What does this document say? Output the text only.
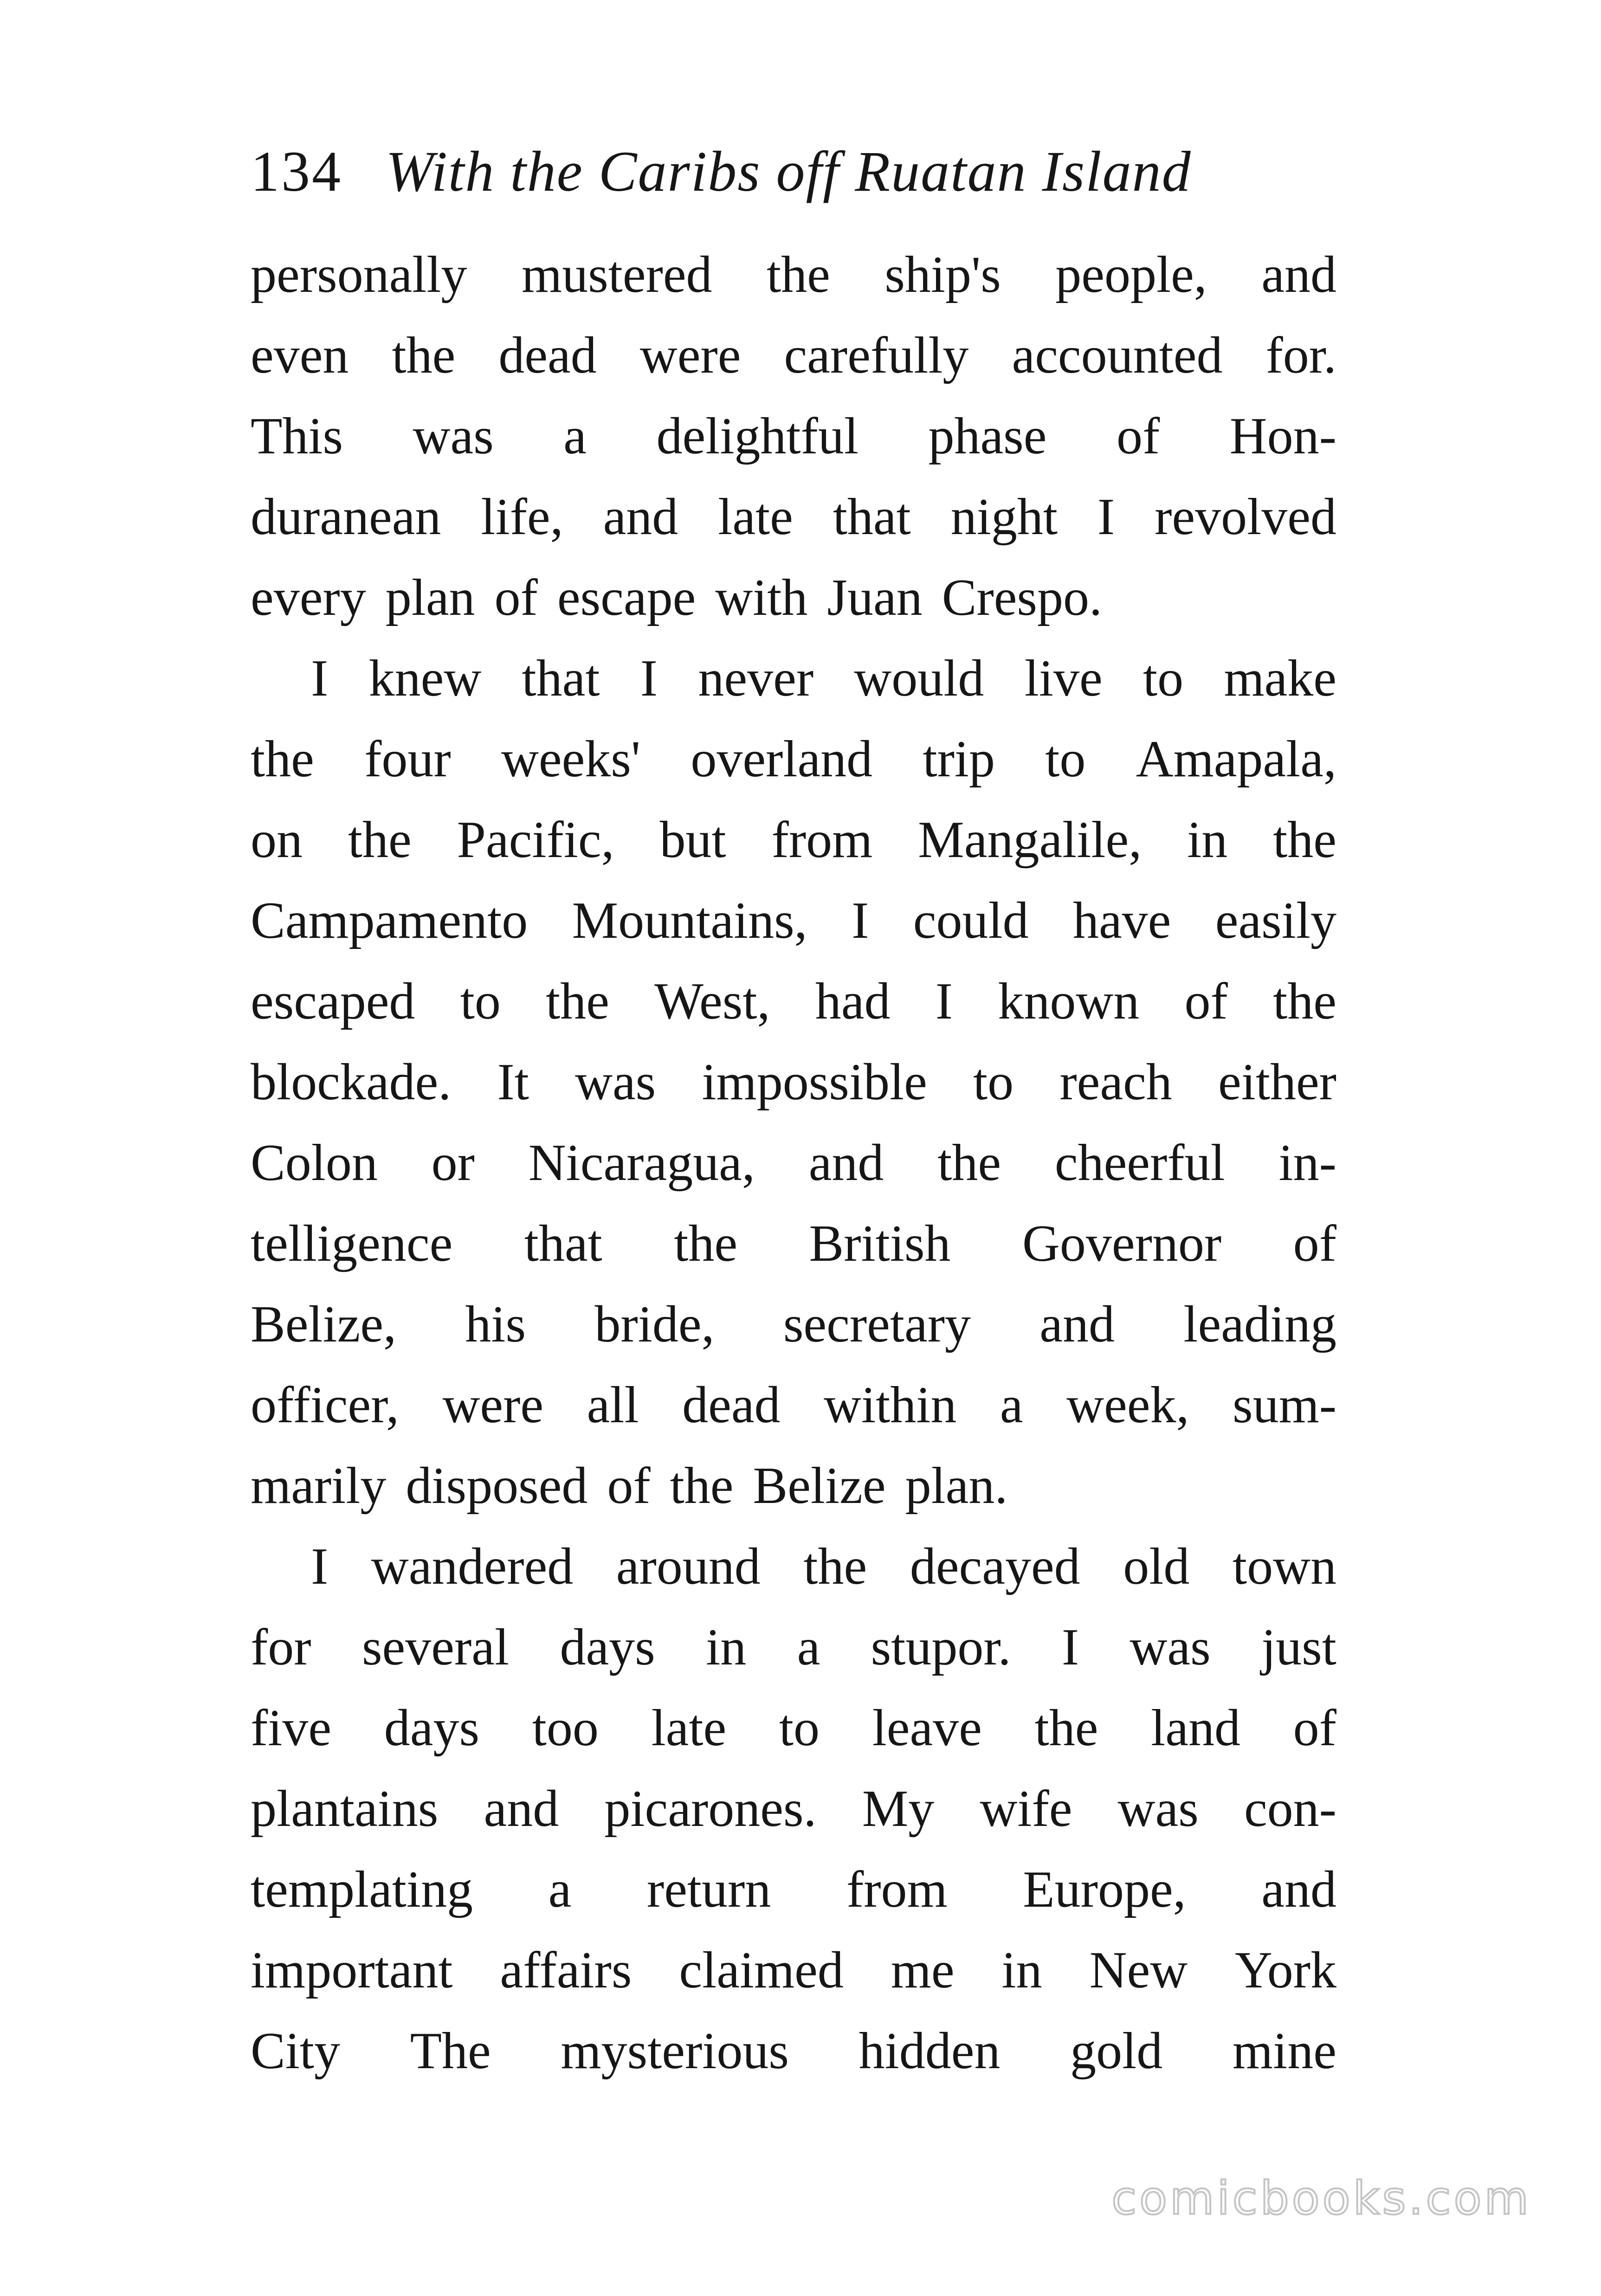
134 With the Caribs off Ruatan Island
personally mustered the ship's people, and
even the dead were carefully accounted for.
This was a delightful phase of Hon-
duranean life, and late that night I revolved
every plan of escape with Juan Crespo.
I knew that I never would live to make
the four weeks' overland trip to Amapala,
on the Pacific, but from Mangalile, in the
Campamento Mountains, I could have easily
escaped to the West, had I known of the
blockade. It was impossible to reach either
Colon or Nicaragua, and the cheerful in-
telligence that the British Governor of
Belize, his bride, secretary and leading
officer, were all dead within a week, sum-
marily disposed of the Belize plan.
I wandered around the decayed old town
for several days in a stupor. I was just
five days too late to leave the land of
plantains and picarones. My wife was con-
templating a return from Europe, and
important affairs claimed me in New York
City The mysterious hidden gold mine
comicbooks.com
